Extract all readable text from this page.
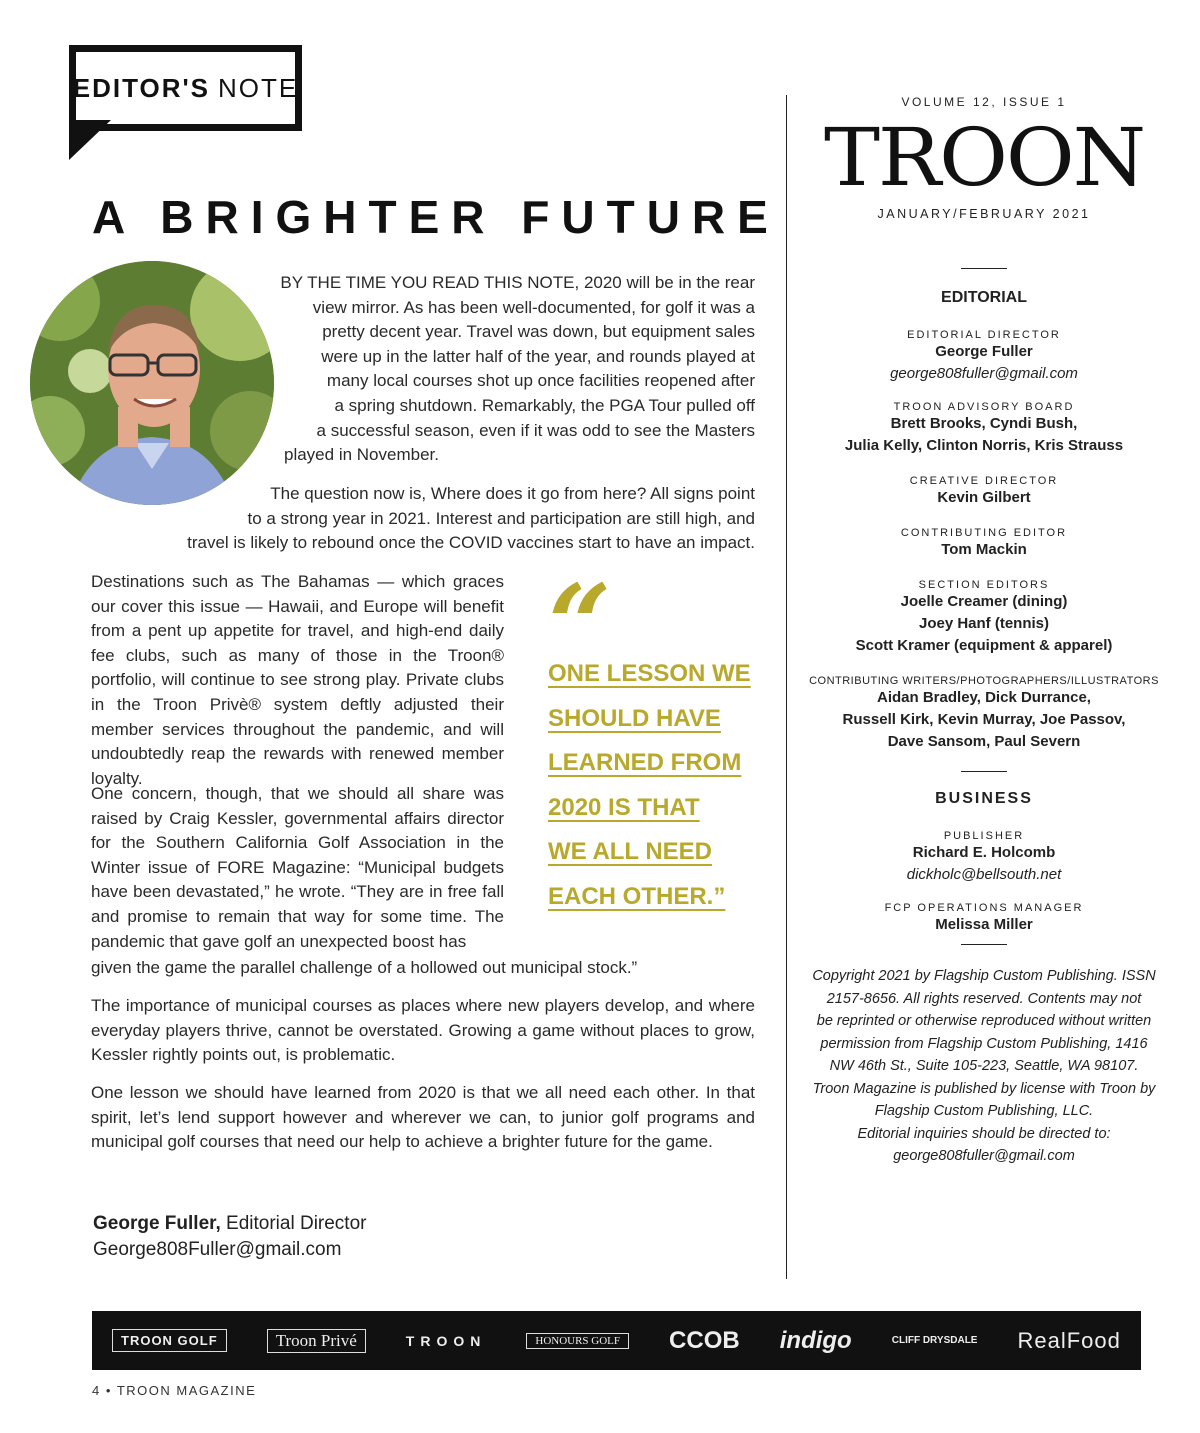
EDITOR'S NOTE
A BRIGHTER FUTURE
BY THE TIME YOU READ THIS NOTE, 2020 will be in the rear
view mirror. As has been well-documented, for golf it was a
pretty decent year. Travel was down, but equipment sales
were up in the latter half of the year, and rounds played at
many local courses shot up once facilities reopened after
a spring shutdown. Remarkably, the PGA Tour pulled off
a successful season, even if it was odd to see the Masters
played in November.
The question now is, Where does it go from here? All signs point
to a strong year in 2021. Interest and participation are still high, and
travel is likely to rebound once the COVID vaccines start to have an impact.
Destinations such as The Bahamas — which graces our cover this issue — Hawaii, and Europe will benefit from a pent up appetite for travel, and high-end daily fee clubs, such as many of those in the Troon® portfolio, will continue to see strong play. Private clubs in the Troon Privè® system deftly adjusted their member services throughout the pandemic, and will undoubtedly reap the rewards with renewed member loyalty.
One concern, though, that we should all share was raised by Craig Kessler, governmental affairs director for the Southern California Golf Association in the Winter issue of FORE Magazine: “Municipal budgets have been devastated,” he wrote. “They are in free fall and promise to remain that way for some time. The pandemic that gave golf an unexpected boost has
given the game the parallel challenge of a hollowed out municipal stock.”
The importance of municipal courses as places where new players develop, and where everyday players thrive, cannot be overstated. Growing a game without places to grow, Kessler rightly points out, is problematic.
One lesson we should have learned from 2020 is that we all need each other. In that spirit, let’s lend support however and wherever we can, to junior golf programs and municipal golf courses that need our help to achieve a brighter future for the game.
“
ONE LESSON WE
SHOULD HAVE
LEARNED FROM
2020 IS THAT
WE ALL NEED
EACH OTHER.”
George Fuller, Editorial Director
George808Fuller@gmail.com
VOLUME 12, ISSUE 1
TROON
JANUARY/FEBRUARY 2021
EDITORIAL
EDITORIAL DIRECTOR
George Fuller
george808fuller@gmail.com
TROON ADVISORY BOARD
Brett Brooks, Cyndi Bush,
Julia Kelly, Clinton Norris, Kris Strauss
CREATIVE DIRECTOR
Kevin Gilbert
CONTRIBUTING EDITOR
Tom Mackin
SECTION EDITORS
Joelle Creamer (dining)
Joey Hanf (tennis)
Scott Kramer (equipment & apparel)
CONTRIBUTING WRITERS/PHOTOGRAPHERS/ILLUSTRATORS
Aidan Bradley, Dick Durrance,
Russell Kirk, Kevin Murray, Joe Passov,
Dave Sansom, Paul Severn
BUSINESS
PUBLISHER
Richard E. Holcomb
dickholc@bellsouth.net
FCP OPERATIONS MANAGER
Melissa Miller
Copyright 2021 by Flagship Custom Publishing. ISSN
2157-8656. All rights reserved. Contents may not
be reprinted or otherwise reproduced without written
permission from Flagship Custom Publishing, 1416
NW 46th St., Suite 105-223, Seattle, WA 98107.
Troon Magazine is published by license with Troon by
Flagship Custom Publishing, LLC.
Editorial inquiries should be directed to:
george808fuller@gmail.com
TROON GOLF	Troon Privé	TROON	HONOURS GOLF	CCOB indigo	CLIFF DRYSDALE RealFood
4 • TROON MAGAZINE
